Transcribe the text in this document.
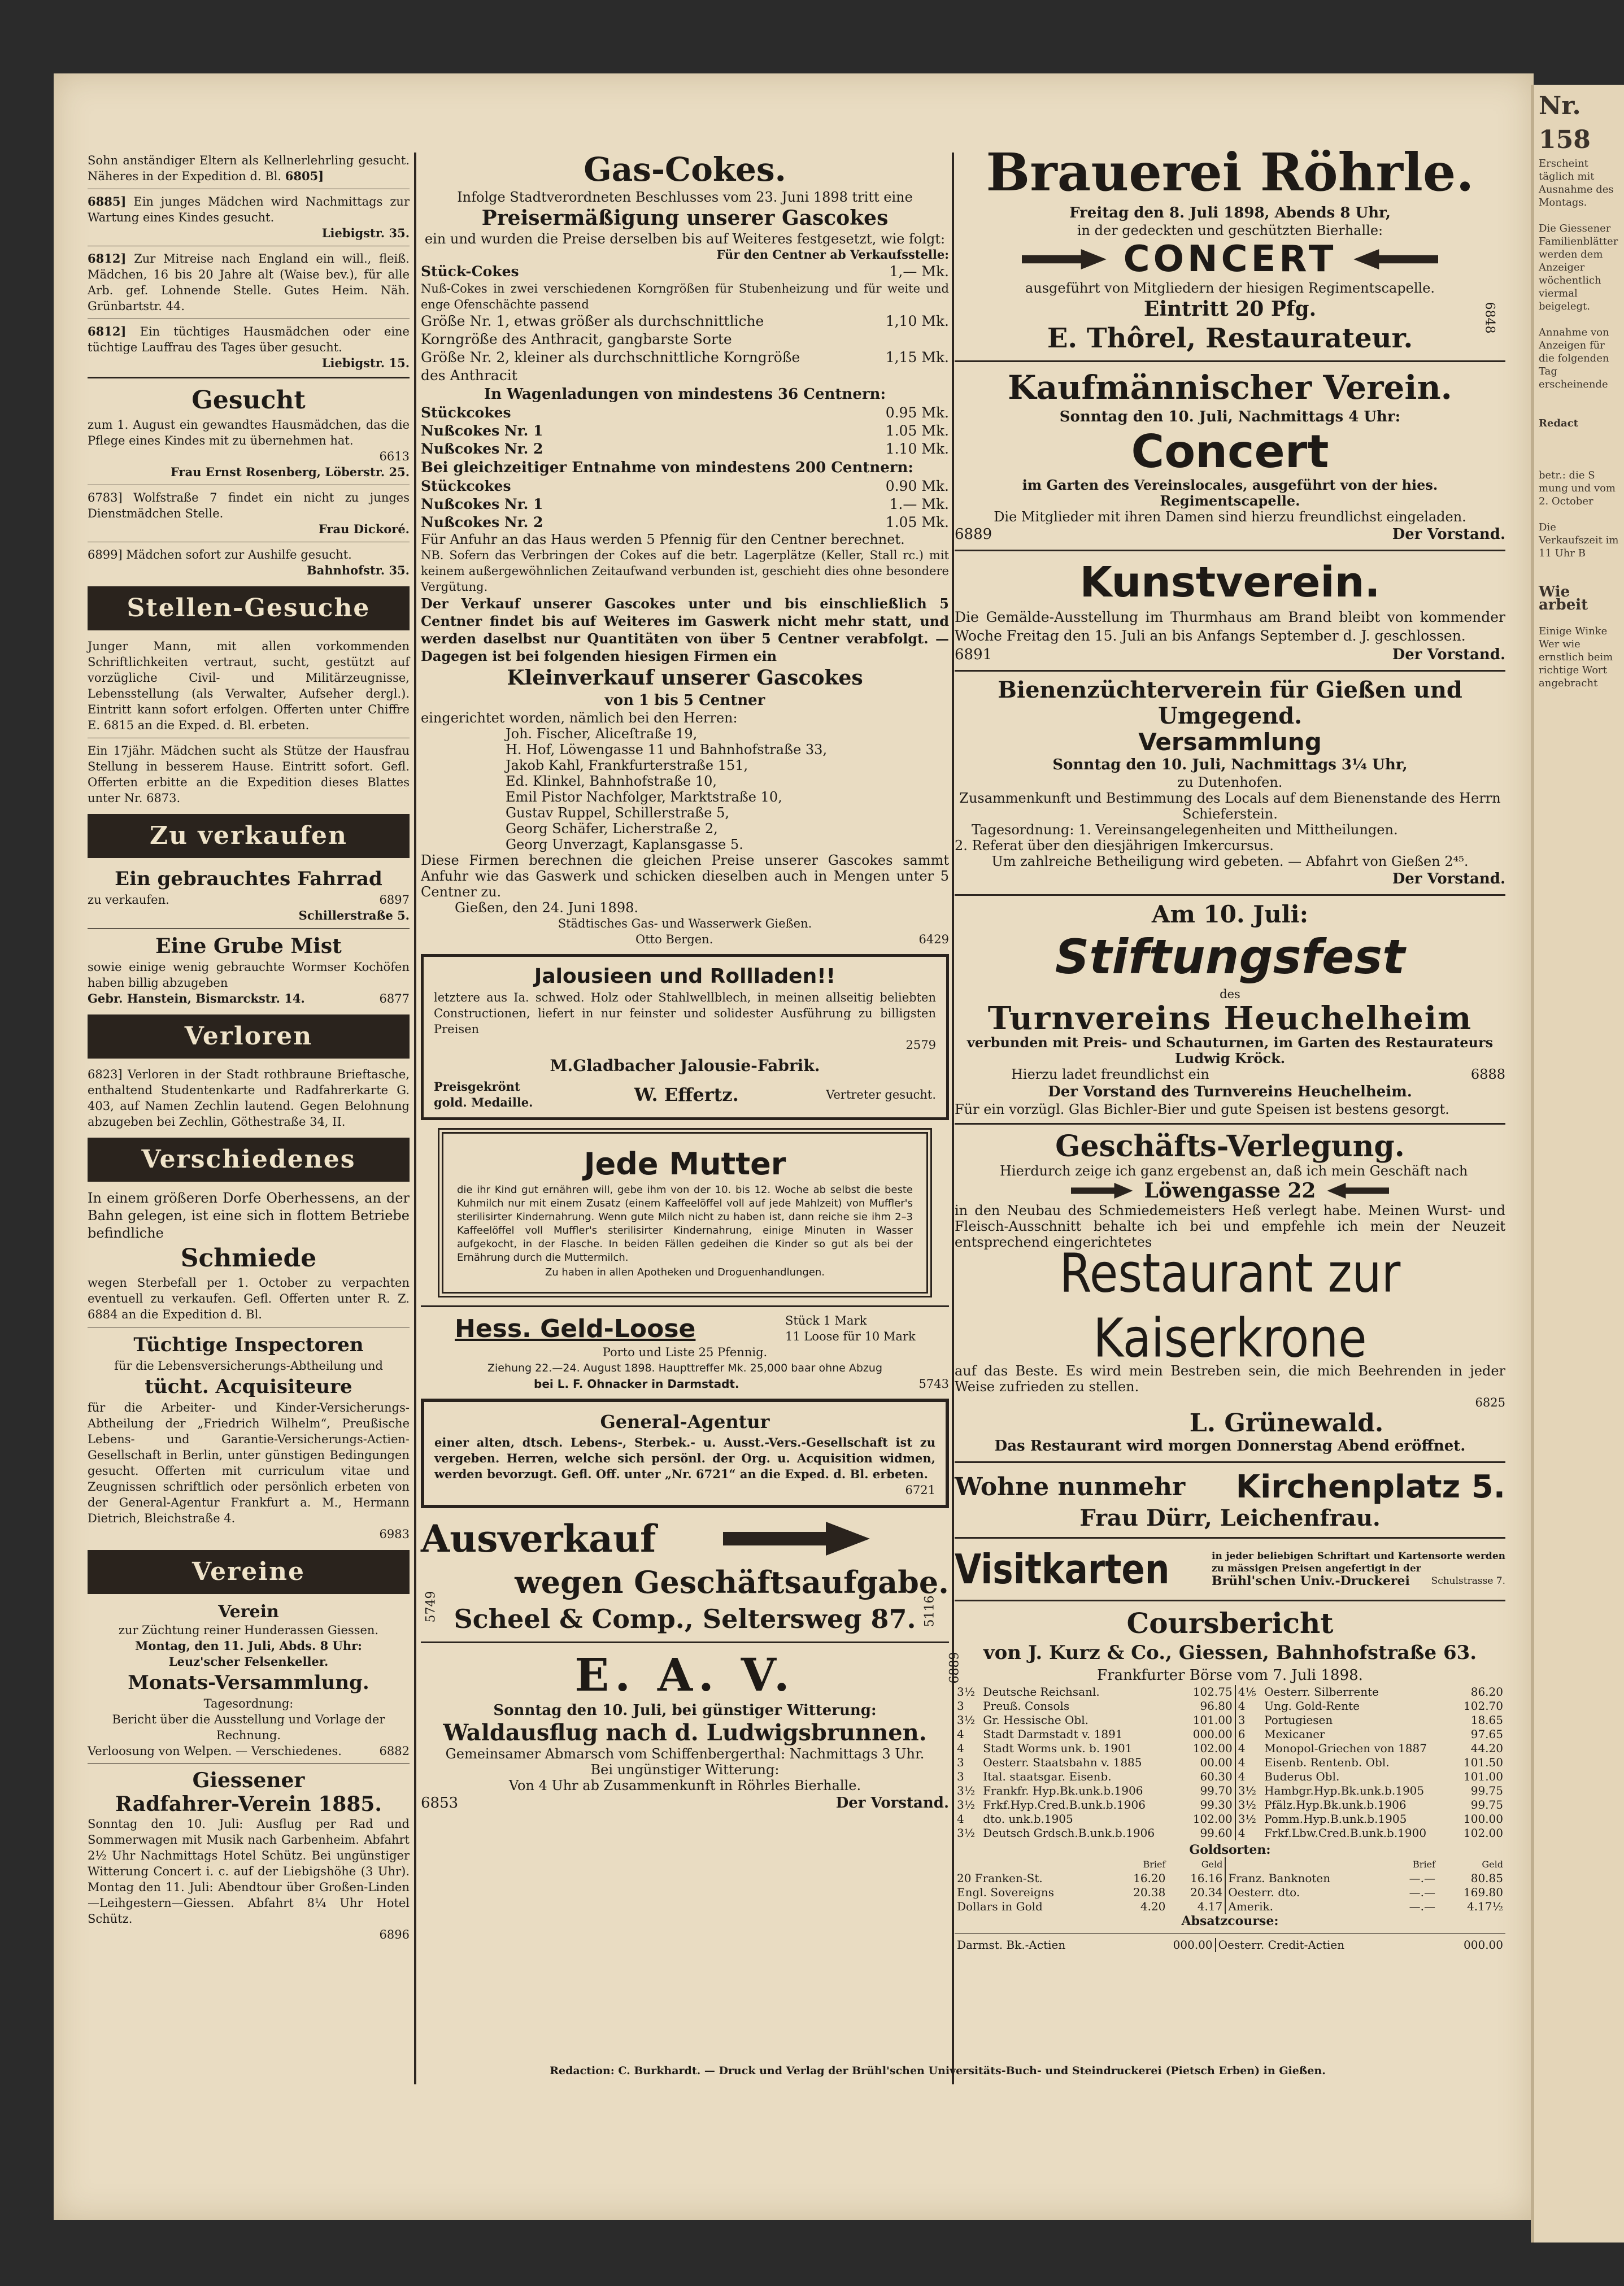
Nr. 158

Erscheint täglich mit Ausnahme des Montags.

Die Giessener Familienblätter werden dem Anzeiger wöchentlich viermal beigelegt.

Annahme von Anzeigen für die folgenden Tag erscheinende

Redact

betr.: die S mung und vom 2. October

Die Verkaufszeit im 11 Uhr B

Wie arbeit

Einige Winke

Wer wie ernstlich beim richtige Wort angebracht

Sohn anständiger Eltern als Kellnerlehrling gesucht. Näheres in der Expedition d. Bl. 6805]

6885] Ein junges Mädchen wird Nachmittags zur Wartung eines Kindes gesucht.

Liebigstr. 35.

6812] Zur Mitreise nach England ein will., fleiß. Mädchen, 16 bis 20 Jahre alt (Waise bev.), für alle Arb. gef. Lohnende Stelle. Gutes Heim. Näh. Grünbartstr. 44.

6812] Ein tüchtiges Hausmädchen oder eine tüchtige Lauffrau des Tages über gesucht.

Liebigstr. 15.

Gesucht

zum 1. August ein gewandtes Hausmädchen, das die Pflege eines Kindes mit zu übernehmen hat.

6613

Frau Ernst Rosenberg, Löberstr. 25.

6783] Wolfstraße 7 findet ein nicht zu junges Dienstmädchen Stelle.

Frau Dickoré.

6899] Mädchen sofort zur Aushilfe gesucht.

Bahnhofstr. 35.

Stellen-Gesuche

Junger Mann, mit allen vorkommenden Schriftlichkeiten vertraut, sucht, gestützt auf vorzügliche Civil- und Militärzeugnisse, Lebensstellung (als Verwalter, Aufseher dergl.). Eintritt kann sofort erfolgen. Offerten unter Chiffre E. 6815 an die Exped. d. Bl. erbeten.

Ein 17jähr. Mädchen sucht als Stütze der Hausfrau Stellung in besserem Hause. Eintritt sofort. Gefl. Offerten erbitte an die Expedition dieses Blattes unter Nr. 6873.

Zu verkaufen
Ein gebrauchtes Fahrrad
zu verkaufen.	6897

Schillerstraße 5.

Eine Grube Mist

sowie einige wenig gebrauchte Wormser Kochöfen haben billig abzugeben

Gebr. Hanstein, Bismarckstr. 14.	6877
Verloren

6823] Verloren in der Stadt rothbraune Brieftasche, enthaltend Studentenkarte und Radfahrerkarte G. 403, auf Namen Zechlin lautend. Gegen Belohnung abzugeben bei Zechlin, Göthestraße 34, II.

Verschiedenes

In einem größeren Dorfe Oberhessens, an der Bahn gelegen, ist eine sich in flottem Betriebe befindliche

Schmiede

wegen Sterbefall per 1. October zu verpachten eventuell zu verkaufen. Gefl. Offerten unter R. Z. 6884 an die Expedition d. Bl.

Tüchtige Inspectoren

für die Lebensversicherungs-Abtheilung und

tücht. Acquisiteure

für die Arbeiter- und Kinder-Versicherungs-Abtheilung der „Friedrich Wilhelm“, Preußische Lebens- und Garantie-Versicherungs-Actien-Gesellschaft in Berlin, unter günstigen Bedingungen gesucht. Offerten mit curriculum vitae und Zeugnissen schriftlich oder persönlich erbeten von der General-Agentur Frankfurt a. M., Hermann Dietrich, Bleichstraße 4.

6983

Vereine
Verein

zur Züchtung reiner Hunderassen Giessen.

Montag, den 11. Juli, Abds. 8 Uhr:

Leuz'scher Felsenkeller.

Monats-Versammlung.

Tagesordnung:

Bericht über die Ausstellung und Vorlage der Rechnung.

Verloosung von Welpen. — Verschiedenes.	6882
Giessener
Radfahrer-Verein 1885.

Sonntag den 10. Juli: Ausflug per Rad und Sommerwagen mit Musik nach Garbenheim. Abfahrt 2½ Uhr Nachmittags Hotel Schütz. Bei ungünstiger Witterung Concert i. c. auf der Liebigshöhe (3 Uhr). Montag den 11. Juli: Abendtour über Großen-Linden—Leihgestern—Giessen. Abfahrt 8¼ Uhr Hotel Schütz.

6896

Gas-Cokes.

Infolge Stadtverordneten Beschlusses vom 23. Juni 1898 tritt eine

Preisermäßigung unserer Gascokes

ein und wurden die Preise derselben bis auf Weiteres festgesetzt, wie folgt:

Für den Centner ab Verkaufsstelle:

Stück-Cokes	1,— Mk.

Nuß-Cokes in zwei verschiedenen Korngrößen für Stubenheizung und für weite und enge Ofenschächte passend

Größe Nr. 1, etwas größer als durchschnittliche Korngröße des Anthracit, gangbarste Sorte
1,10 Mk.
Größe Nr. 2, kleiner als durchschnittliche Korngröße des Anthracit
1,15 Mk.

In Wagenladungen von mindestens 36 Centnern:

Stückcokes	0.95 Mk.
Nußcokes Nr. 1	1.05 Mk.
Nußcokes Nr. 2	1.10 Mk.

Bei gleichzeitiger Entnahme von mindestens 200 Centnern:

Stückcokes	0.90 Mk.
Nußcokes Nr. 1	1.— Mk.
Nußcokes Nr. 2	1.05 Mk.

Für Anfuhr an das Haus werden 5 Pfennig für den Centner berechnet.

NB. Sofern das Verbringen der Cokes auf die betr. Lagerplätze (Keller, Stall rc.) mit keinem außergewöhnlichen Zeitaufwand verbunden ist, geschieht dies ohne besondere Vergütung.

Der Verkauf unserer Gascokes unter und bis einschließlich 5 Centner findet bis auf Weiteres im Gaswerk nicht mehr statt, und werden daselbst nur Quantitäten von über 5 Centner verabfolgt. — Dagegen ist bei folgenden hiesigen Firmen ein

Kleinverkauf unserer Gascokes

von 1 bis 5 Centner

eingerichtet worden, nämlich bei den Herren:

Joh. Fischer, Aliceſtraße 19,

H. Hof, Löwengasse 11 und Bahnhofstraße 33,

Jakob Kahl, Frankfurterstraße 151,

Ed. Klinkel, Bahnhofstraße 10,

Emil Pistor Nachfolger, Marktstraße 10,

Gustav Ruppel, Schillerstraße 5,

Georg Schäfer, Licherstraße 2,

Georg Unverzagt, Kaplansgasse 5.

Diese Firmen berechnen die gleichen Preise unserer Gascokes sammt Anfuhr wie das Gaswerk und schicken dieselben auch in Mengen unter 5 Centner zu.

Gießen, den 24. Juni 1898.

Städtisches Gas- und Wasserwerk Gießen.

Otto Bergen.	6429
Jalousieen und Rollladen!!

letztere aus Ia. schwed. Holz oder Stahlwellblech, in meinen allseitig beliebten Constructionen, liefert in nur feinster und solidester Ausführung zu billigsten Preisen

2579

M.Gladbacher Jalousie-Fabrik.
Preisgekrönt gold. Medaille.	W. Effertz.	Vertreter gesucht.
Jede Mutter

die ihr Kind gut ernähren will, gebe ihm von der 10. bis 12. Woche ab selbst die beste Kuhmilch nur mit einem Zusatz (einem Kaffeelöffel voll auf jede Mahlzeit) von Muffler's sterilisirter Kindernahrung. Wenn gute Milch nicht zu haben ist, dann reiche sie ihm 2–3 Kaffeelöffel voll Muffler's sterilisirter Kindernahrung, einige Minuten in Wasser aufgekocht, in der Flasche. In beiden Fällen gedeihen die Kinder so gut als bei der Ernährung durch die Muttermilch.

Zu haben in allen Apotheken und Droguenhandlungen.

5116
Hess. Geld-Loose	Stück 1 Mark
11 Loose für 10 Mark

Porto und Liste 25 Pfennig.

Ziehung 22.—24. August 1898. Haupttreffer Mk. 25,000 baar ohne Abzug

bei L. F. Ohnacker in Darmstadt.	5743
General-Agentur

einer alten, dtsch. Lebens-, Sterbek.- u. Ausst.-Vers.-Gesellschaft ist zu vergeben. Herren, welche sich persönl. der Org. u. Acquisition widmen, werden bevorzugt. Gefl. Off. unter „Nr. 6721“ an die Exped. d. Bl. erbeten.

6721

Ausverkauf
wegen Geschäftsaufgabe.
Scheel & Comp., Seltersweg 87.
5749
E. A. V.

Sonntag den 10. Juli, bei günstiger Witterung:

Waldausflug nach d. Ludwigsbrunnen.

Gemeinsamer Abmarsch vom Schiffenbergerthal: Nachmittags 3 Uhr.

Bei ungünstiger Witterung:

Von 4 Uhr ab Zusammenkunft in Röhrles Bierhalle.

6853	Der Vorstand.
Brauerei Röhrle.

Freitag den 8. Juli 1898, Abends 8 Uhr,

in der gedeckten und geschützten Bierhalle:

CONCERT

ausgeführt von Mitgliedern der hiesigen Regimentscapelle.

Eintritt 20 Pfg.
E. Thôrel, Restaurateur.
6848
Kaufmännischer Verein.

Sonntag den 10. Juli, Nachmittags 4 Uhr:

Concert

im Garten des Vereinslocales, ausgeführt von der hies. Regimentscapelle.

Die Mitglieder mit ihren Damen sind hierzu freundlichst eingeladen.

6889	Der Vorstand.
Kunstverein.

Die Gemälde-Ausstellung im Thurmhaus am Brand bleibt von kommender Woche Freitag den 15. Juli an bis Anfangs September d. J. geschlossen.

6891	Der Vorstand.
Bienenzüchterverein für Gießen und Umgegend.
Versammlung

Sonntag den 10. Juli, Nachmittags 3¼ Uhr,

zu Dutenhofen.

Zusammenkunft und Bestimmung des Locals auf dem Bienenstande des Herrn Schieferstein.

Tagesordnung: 1. Vereinsangelegenheiten und Mittheilungen.

2. Referat über den diesjährigen Imkercursus.

Um zahlreiche Betheiligung wird gebeten. — Abfahrt von Gießen 2⁴⁵.

Der Vorstand.

Am 10. Juli:
Stiftungsfest

des

Turnvereins Heuchelheim

verbunden mit Preis- und Schauturnen, im Garten des Restaurateurs Ludwig Kröck.

Hierzu ladet freundlichst ein	6888

Der Vorstand des Turnvereins Heuchelheim.

Für ein vorzügl. Glas Bichler-Bier und gute Speisen ist bestens gesorgt.

Geschäfts-Verlegung.

Hierdurch zeige ich ganz ergebenst an, daß ich mein Geschäft nach

Löwengasse 22

in den Neubau des Schmiedemeisters Heß verlegt habe. Meinen Wurst- und Fleisch-Ausschnitt behalte ich bei und empfehle ich mein der Neuzeit entsprechend eingerichtetes

Restaurant zur Kaiserkrone

auf das Beste. Es wird mein Bestreben sein, die mich Beehrenden in jeder Weise zufrieden zu stellen.

6825

L. Grünewald.

Das Restaurant wird morgen Donnerstag Abend eröffnet.

Wohne nunmehr Kirchenplatz 5.
Frau Dürr, Leichenfrau.
6889
Visitkarten	in jeder beliebigen Schriftart und Kartensorte werden zu mässigen Preisen angefertigt in der
Brühl'schen Univ.-Druckerei Schulstrasse 7.
Coursbericht
von J. Kurz & Co., Giessen, Bahnhofstraße 63.

Frankfurter Börse vom 7. Juli 1898.

3½	Deutsche Reichsanl.	102.75	4⅕	Oesterr. Silberrente	86.20
3	Preuß. Consols	96.80	4	Ung. Gold-Rente	102.70
3½	Gr. Hessische Obl.	101.00	3	Portugiesen	18.65
4	Stadt Darmstadt v. 1891	000.00	6	Mexicaner	97.65
4	Stadt Worms unk. b. 1901	102.00	4	Monopol-Griechen von 1887	44.20
3	Oesterr. Staatsbahn v. 1885	00.00	4	Eisenb. Rentenb. Obl.	101.50
3	Ital. staatsgar. Eisenb.	60.30	4	Buderus Obl.	101.00
3½	Frankfr. Hyp.Bk.unk.b.1906	99.70	3½	Hambgr.Hyp.Bk.unk.b.1905	99.75
3½	Frkf.Hyp.Cred.B.unk.b.1906	99.30	3½	Pfälz.Hyp.Bk.unk.b.1906	99.75
4	dto. unk.b.1905	102.00	3½	Pomm.Hyp.B.unk.b.1905	100.00
3½	Deutsch Grdsch.B.unk.b.1906	99.60	4	Frkf.Lbw.Cred.B.unk.b.1900	102.00
Goldsorten:
	Brief	Geld		Brief	Geld
20 Franken-St.	16.20	16.16	Franz. Banknoten	—.—	80.85
Engl. Sovereigns	20.38	20.34	Oesterr. dto.	—.—	169.80
Dollars in Gold	4.20	4.17	Amerik.	—.—	4.17½
Absatzcourse:
Darmst. Bk.-Actien	000.00	Oesterr. Credit-Actien	000.00
Redaction: C. Burkhardt. — Druck und Verlag der Brühl'schen Universitäts-Buch- und Steindruckerei (Pietsch Erben) in Gießen.
